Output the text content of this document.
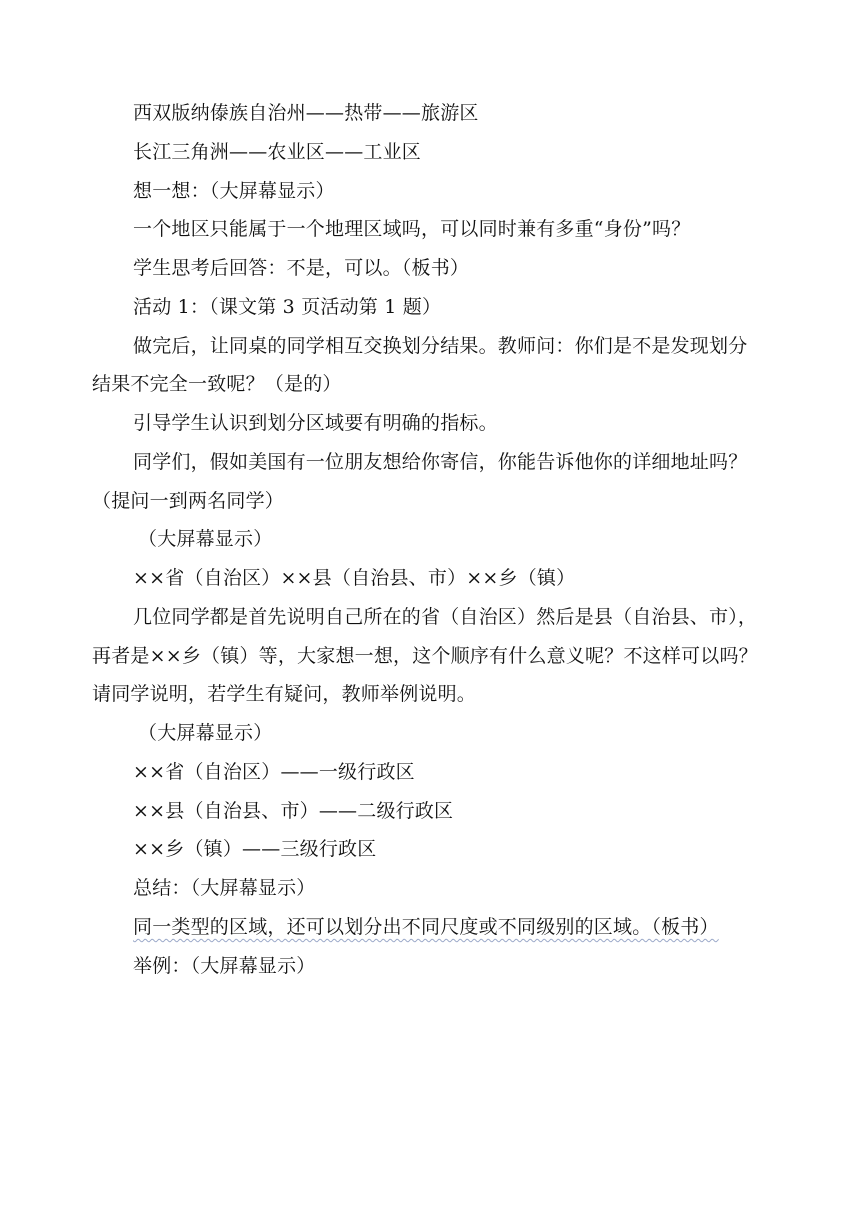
西双版纳傣族自治州——热带——旅游区
长江三角洲——农业区——工业区
想一想：（大屏幕显示）
一个地区只能属于一个地理区域吗，可以同时兼有多重“身份”吗？
学生思考后回答：不是，可以。（板书）
活动 1：（课文第 3 页活动第 1 题）
做完后，让同桌的同学相互交换划分结果。教师问：你们是不是发现划分
结果不完全一致呢？（是的）
引导学生认识到划分区域要有明确的指标。
同学们，假如美国有一位朋友想给你寄信，你能告诉他你的详细地址吗？
（提问一到两名同学）
（大屏幕显示）
××省（自治区）××县（自治县、市）××乡（镇）
几位同学都是首先说明自己所在的省（自治区）然后是县（自治县、市），
再者是××乡（镇）等，大家想一想，这个顺序有什么意义呢？不这样可以吗？
请同学说明，若学生有疑问，教师举例说明。
（大屏幕显示）
××省（自治区）——一级行政区
××县（自治县、市）——二级行政区
××乡（镇）——三级行政区
总结：（大屏幕显示）
同一类型的区域，还可以划分出不同尺度或不同级别的区域。（板书）
举例：（大屏幕显示）
